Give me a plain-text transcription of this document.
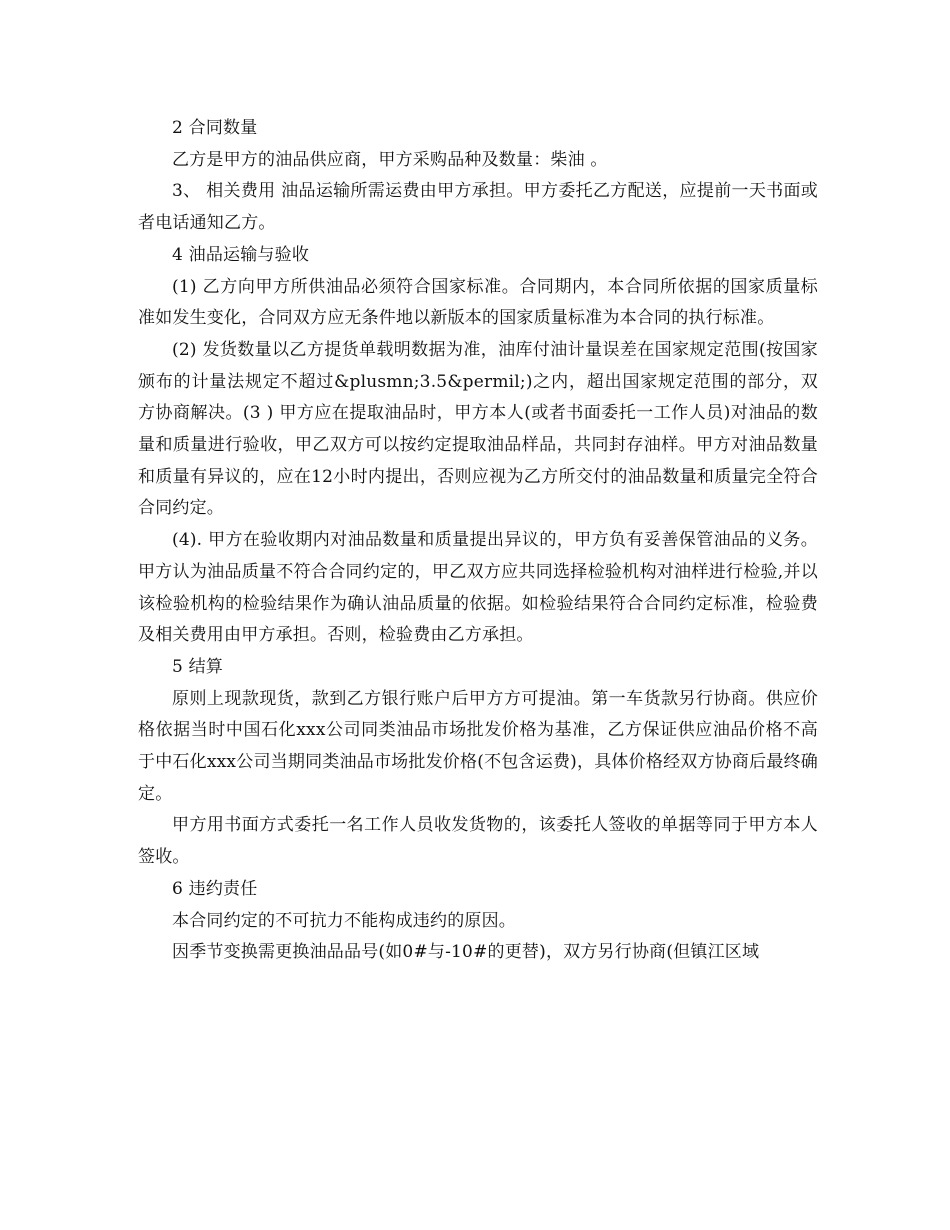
2 合同数量

乙方是甲方的油品供应商，甲方采购品种及数量：柴油 。

3、 相关费用 油品运输所需运费由甲方承担。甲方委托乙方配送，应提前一天书面或者电话通知乙方。

4 油品运输与验收

(1) 乙方向甲方所供油品必须符合国家标准。合同期内，本合同所依据的国家质量标准如发生变化，合同双方应无条件地以新版本的国家质量标准为本合同的执行标准。

(2) 发货数量以乙方提货单载明数据为准，油库付油计量误差在国家规定范围(按国家颁布的计量法规定不超过&plusmn;3.5&permil;)之内，超出国家规定范围的部分，双方协商解决。(3 ) 甲方应在提取油品时，甲方本人(或者书面委托一工作人员)对油品的数量和质量进行验收，甲乙双方可以按约定提取油品样品，共同封存油样。甲方对油品数量和质量有异议的，应在12小时内提出，否则应视为乙方所交付的油品数量和质量完全符合合同约定。

(4). 甲方在验收期内对油品数量和质量提出异议的，甲方负有妥善保管油品的义务。 甲方认为油品质量不符合合同约定的，甲乙双方应共同选择检验机构对油样进行检验,并以该检验机构的检验结果作为确认油品质量的依据。如检验结果符合合同约定标准，检验费及相关费用由甲方承担。否则，检验费由乙方承担。

5 结算

原则上现款现货，款到乙方银行账户后甲方方可提油。第一车货款另行协商。供应价格依据当时中国石化xxx公司同类油品市场批发价格为基准，乙方保证供应油品价格不高于中石化xxx公司当期同类油品市场批发价格(不包含运费)，具体价格经双方协商后最终确定。

甲方用书面方式委托一名工作人员收发货物的，该委托人签收的单据等同于甲方本人签收。

6 违约责任

本合同约定的不可抗力不能构成违约的原因。

因季节变换需更换油品品号(如0#与-10#的更替)，双方另行协商(但镇江区域
